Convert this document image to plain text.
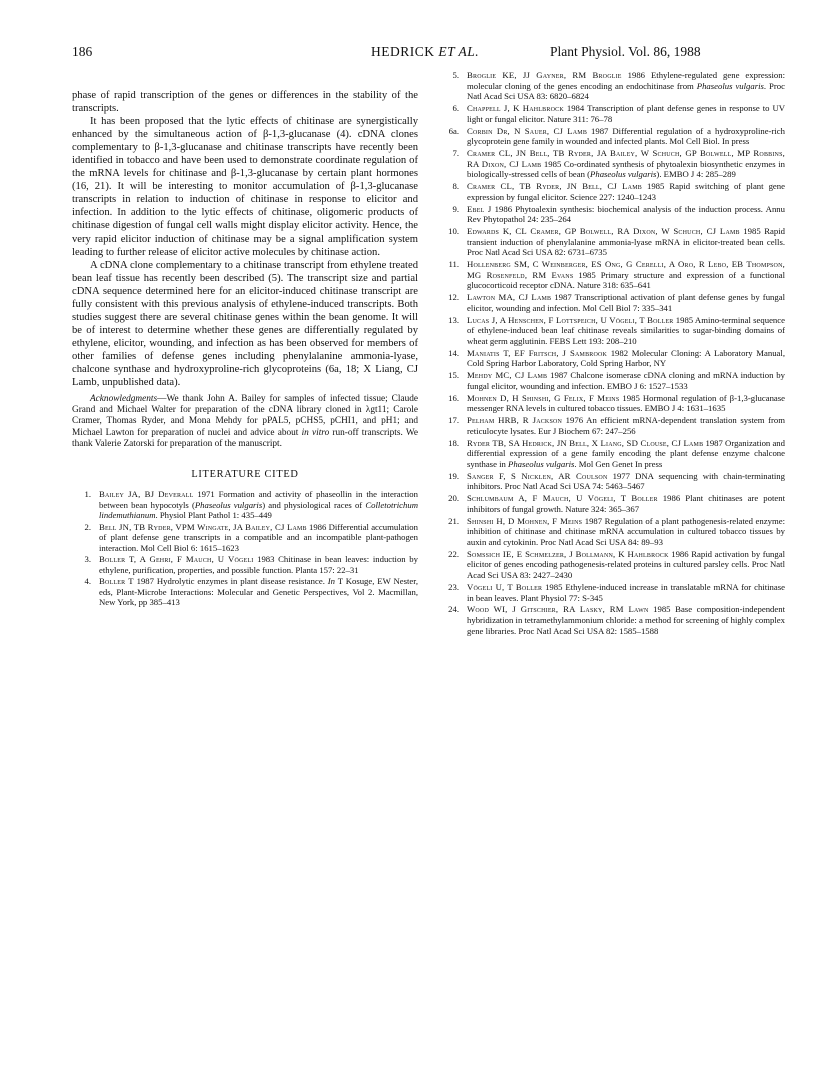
186	HEDRICK ET AL.	Plant Physiol. Vol. 86, 1988

phase of rapid transcription of the genes or differences in the stability of the transcripts.

It has been proposed that the lytic effects of chitinase are synergistically enhanced by the simultaneous action of β-1,3-glucanase (4). cDNA clones complementary to β-1,3-glucanase and chitinase transcripts have recently been identified in tobacco and have been used to demonstrate coordinate regulation of the mRNA levels for chitinase and β-1,3-glucanase by certain plant hormones (16, 21). It will be interesting to monitor accumulation of β-1,3-glucanase transcripts in relation to induction of chitinase in response to elicitor and infection. In addition to the lytic effects of chitinase, oligomeric products of chitinase digestion of fungal cell walls might display elicitor activity. Hence, the very rapid elicitor induction of chitinase may be a signal amplification system leading to further release of elicitor active molecules by chitinase action.

A cDNA clone complementary to a chitinase transcript from ethylene treated bean leaf tissue has recently been described (5). The transcript size and partial cDNA sequence determined here for an elicitor-induced chitinase transcript are fully consistent with this previous analysis of ethylene-induced transcripts. Both studies suggest there are several chitinase genes within the bean genome. It will be of interest to determine whether these genes are differentially regulated by ethylene, elicitor, wounding, and infection as has been observed for members of other families of defense genes including phenylalanine ammonia-lyase, chalcone synthase and hydroxyproline-rich glycoproteins (6a, 18; X Liang, CJ Lamb, unpublished data).

Acknowledgments—We thank John A. Bailey for samples of infected tissue; Claude Grand and Michael Walter for preparation of the cDNA library cloned in λgt11; Carole Cramer, Thomas Ryder, and Mona Mehdy for pPAL5, pCHS5, pCHI1, and pH1; and Michael Lawton for preparation of nuclei and advice about in vitro run-off transcripts. We thank Valerie Zatorski for preparation of the manuscript.

LITERATURE CITED
1. Bailey JA, BJ Deverall 1971 Formation and activity of phaseollin in the interaction between bean hypocotyls (Phaseolus vulgaris) and physiological races of Colletotrichum lindemuthianum. Physiol Plant Pathol 1: 435–449
2. Bell JN, TB Ryder, VPM Wingate, JA Bailey, CJ Lamb 1986 Differential accumulation of plant defense gene transcripts in a compatible and an incompatible plant-pathogen interaction. Mol Cell Biol 6: 1615–1623
3. Boller T, A Gehri, F Mauch, U Vögeli 1983 Chitinase in bean leaves: induction by ethylene, purification, properties, and possible function. Planta 157: 22–31
4. Boller T 1987 Hydrolytic enzymes in plant disease resistance. In T Kosuge, EW Nester, eds, Plant-Microbe Interactions: Molecular and Genetic Perspectives, Vol 2. Macmillan, New York, pp 385–413
5. Broglie KE, JJ Gayner, RM Broglie 1986 Ethylene-regulated gene expression: molecular cloning of the genes encoding an endochitinase from Phaseolus vulgaris. Proc Natl Acad Sci USA 83: 6820–6824
6. Chappell J, K Hahlbrock 1984 Transcription of plant defense genes in response to UV light or fungal elicitor. Nature 311: 76–78
6a. Corbin Dr, N Sauer, CJ Lamb 1987 Differential regulation of a hydroxyproline-rich glycoprotein gene family in wounded and infected plants. Mol Cell Biol. In press
7. Cramer CL, JN Bell, TB Ryder, JA Bailey, W Schuch, GP Bolwell, MP Robbins, RA Dixon, CJ Lamb 1985 Co-ordinated synthesis of phytoalexin biosynthetic enzymes in biologically-stressed cells of bean (Phaseolus vulgaris). EMBO J 4: 285–289
8. Cramer CL, TB Ryder, JN Bell, CJ Lamb 1985 Rapid switching of plant gene expression by fungal elicitor. Science 227: 1240–1243
9. Ebel J 1986 Phytoalexin synthesis: biochemical analysis of the induction process. Annu Rev Phytopathol 24: 235–264
10. Edwards K, CL Cramer, GP Bolwell, RA Dixon, W Schuch, CJ Lamb 1985 Rapid transient induction of phenylalanine ammonia-lyase mRNA in elicitor-treated bean cells. Proc Natl Acad Sci USA 82: 6731–6735
11. Hollenberg SM, C Weinberger, ES Ong, G Cerelli, A Oro, R Lebo, EB Thompson, MG Rosenfeld, RM Evans 1985 Primary structure and expression of a functional glucocorticoid receptor cDNA. Nature 318: 635–641
12. Lawton MA, CJ Lamb 1987 Transcriptional activation of plant defense genes by fungal elicitor, wounding and infection. Mol Cell Biol 7: 335–341
13. Lucas J, A Henschen, F Lottspeich, U Vögeli, T Boller 1985 Amino-terminal sequence of ethylene-induced bean leaf chitinase reveals similarities to sugar-binding domains of wheat germ agglutinin. FEBS Lett 193: 208–210
14. Maniatis T, EF Fritsch, J Sambrook 1982 Molecular Cloning: A Laboratory Manual, Cold Spring Harbor Laboratory, Cold Spring Harbor, NY
15. Mehdy MC, CJ Lamb 1987 Chalcone isomerase cDNA cloning and mRNA induction by fungal elicitor, wounding and infection. EMBO J 6: 1527–1533
16. Mohnen D, H Shinshi, G Felix, F Meins 1985 Hormonal regulation of β-1,3-glucanase messenger RNA levels in cultured tobacco tissues. EMBO J 4: 1631–1635
17. Pelham HRB, R Jackson 1976 An efficient mRNA-dependent translation system from reticulocyte lysates. Eur J Biochem 67: 247–256
18. Ryder TB, SA Hedrick, JN Bell, X Liang, SD Clouse, CJ Lamb 1987 Organization and differential expression of a gene family encoding the plant defense enzyme chalcone synthase in Phaseolus vulgaris. Mol Gen Genet In press
19. Sanger F, S Nicklen, AR Coulson 1977 DNA sequencing with chain-terminating inhibitors. Proc Natl Acad Sci USA 74: 5463–5467
20. Schlumbaum A, F Mauch, U Vögeli, T Boller 1986 Plant chitinases are potent inhibitors of fungal growth. Nature 324: 365–367
21. Shinshi H, D Mohnen, F Meins 1987 Regulation of a plant pathogenesis-related enzyme: inhibition of chitinase and chitinase mRNA accumulation in cultured tobacco tissues by auxin and cytokinin. Proc Natl Acad Sci USA 84: 89–93
22. Somssich IE, E Schmelzer, J Bollmann, K Hahlbrock 1986 Rapid activation by fungal elicitor of genes encoding pathogenesis-related proteins in cultured parsley cells. Proc Natl Acad Sci USA 83: 2427–2430
23. Vögeli U, T Boller 1985 Ethylene-induced increase in translatable mRNA for chitinase in bean leaves. Plant Physiol 77: S-345
24. Wood WI, J Gitschier, RA Lasky, RM Lawn 1985 Base composition-independent hybridization in tetramethylammonium chloride: a method for screening of highly complex gene libraries. Proc Natl Acad Sci USA 82: 1585–1588
